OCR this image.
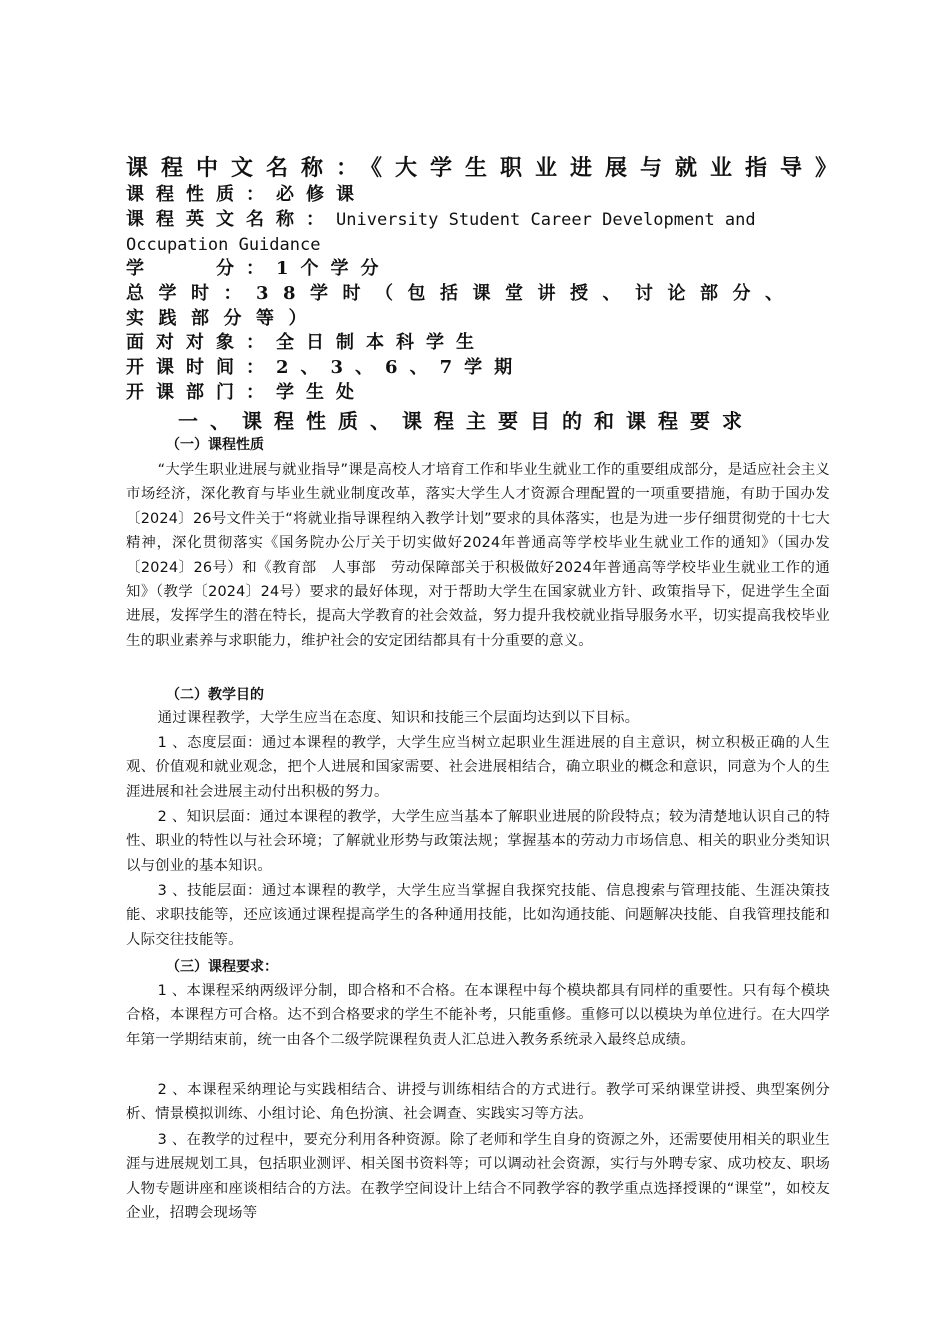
课程中文名称：《大学生职业进展与就业指导》
课程性质：必修课
课程英文名称：University Student Career Development and Occupation Guidance
学　　分：1个学分
总学时：38学时（包括课堂讲授、讨论部分、实践部分等）
面对对象：全日制本科学生
开课时间：2、3、6、7学期
开课部门：学生处
一、课程性质、课程主要目的和课程要求
（一）课程性质
“大学生职业进展与就业指导”课是高校人才培育工作和毕业生就业工作的重要组成部分，是适应社会主义市场经济，深化教育与毕业生就业制度改革，落实大学生人才资源合理配置的一项重要措施，有助于国办发〔2024〕26号文件关于“将就业指导课程纳入教学计划”要求的具体落实，也是为进一步仔细贯彻党的十七大精神，深化贯彻落实《国务院办公厅关于切实做好2024年普通高等学校毕业生就业工作的通知》（国办发〔2024〕26号）和《教育部　人事部　劳动保障部关于积极做好2024年普通高等学校毕业生就业工作的通知》（教学〔2024〕24号）要求的最好体现，对于帮助大学生在国家就业方针、政策指导下，促进学生全面进展，发挥学生的潜在特长，提高大学教育的社会效益，努力提升我校就业指导服务水平，切实提高我校毕业生的职业素养与求职能力，维护社会的安定团结都具有十分重要的意义。
（二）教学目的
通过课程教学，大学生应当在态度、知识和技能三个层面均达到以下目标。
1 、态度层面：通过本课程的教学，大学生应当树立起职业生涯进展的自主意识，树立积极正确的人生观、价值观和就业观念，把个人进展和国家需要、社会进展相结合，确立职业的概念和意识，同意为个人的生涯进展和社会进展主动付出积极的努力。
2 、知识层面：通过本课程的教学，大学生应当基本了解职业进展的阶段特点；较为清楚地认识自己的特性、职业的特性以与社会环境；了解就业形势与政策法规；掌握基本的劳动力市场信息、相关的职业分类知识以与创业的基本知识。
3 、技能层面：通过本课程的教学，大学生应当掌握自我探究技能、信息搜索与管理技能、生涯决策技能、求职技能等，还应该通过课程提高学生的各种通用技能，比如沟通技能、问题解决技能、自我管理技能和人际交往技能等。
（三）课程要求：
1 、本课程采纳两级评分制，即合格和不合格。在本课程中每个模块都具有同样的重要性。只有每个模块合格，本课程方可合格。达不到合格要求的学生不能补考，只能重修。重修可以以模块为单位进行。在大四学年第一学期结束前，统一由各个二级学院课程负责人汇总进入教务系统录入最终总成绩。
2 、本课程采纳理论与实践相结合、讲授与训练相结合的方式进行。教学可采纳课堂讲授、典型案例分析、情景模拟训练、小组讨论、角色扮演、社会调查、实践实习等方法。
3 、在教学的过程中，要充分利用各种资源。除了老师和学生自身的资源之外，还需要使用相关的职业生涯与进展规划工具，包括职业测评、相关图书资料等；可以调动社会资源，实行与外聘专家、成功校友、职场人物专题讲座和座谈相结合的方法。在教学空间设计上结合不同教学容的教学重点选择授课的“课堂”，如校友企业，招聘会现场等
